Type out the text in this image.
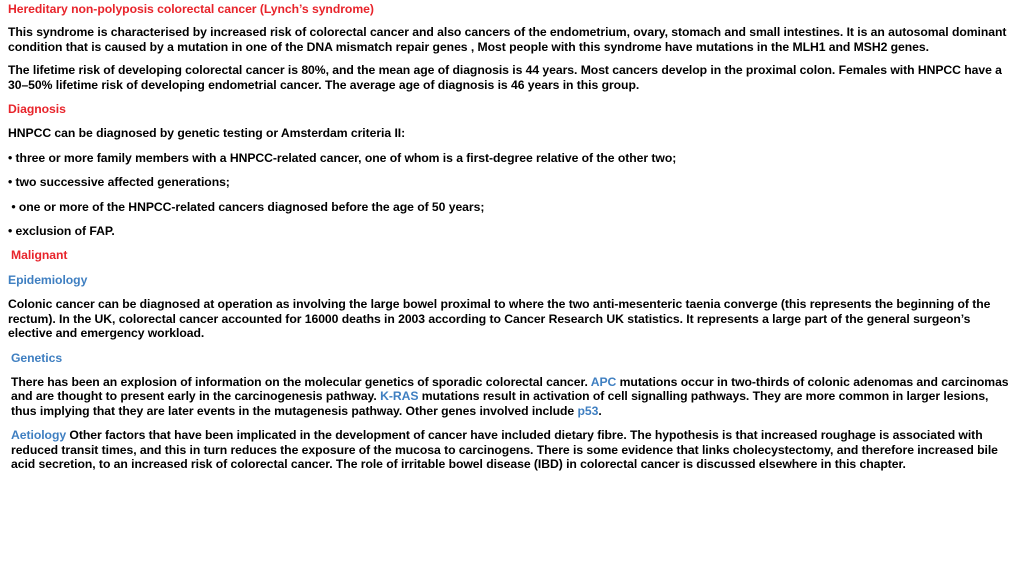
Hereditary non-polyposis colorectal cancer (Lynch’s syndrome)

This syndrome is characterised by increased risk of colorectal cancer and also cancers of the endometrium, ovary, stomach and small intestines. It is an autosomal dominant condition that is caused by a mutation in one of the DNA mismatch repair genes , Most people with this syndrome have mutations in the MLH1 and MSH2 genes.

The lifetime risk of developing colorectal cancer is 80%, and the mean age of diagnosis is 44 years. Most cancers develop in the proximal colon. Females with HNPCC have a 30–50% lifetime risk of developing endometrial cancer. The average age of diagnosis is 46 years in this group.

Diagnosis

HNPCC can be diagnosed by genetic testing or Amsterdam criteria II:

• three or more family members with a HNPCC-related cancer, one of whom is a first-degree relative of the other two;

• two successive affected generations;

• one or more of the HNPCC-related cancers diagnosed before the age of 50 years;

• exclusion of FAP.

Malignant

Epidemiology

Colonic cancer can be diagnosed at operation as involving the large bowel proximal to where the two anti-mesenteric taenia converge (this represents the beginning of the rectum). In the UK, colorectal cancer accounted for 16000 deaths in 2003 according to Cancer Research UK statistics. It represents a large part of the general surgeon’s elective and emergency workload.

Genetics

There has been an explosion of information on the molecular genetics of sporadic colorectal cancer. APC mutations occur in two-thirds of colonic adenomas and carcinomas and are thought to present early in the carcinogenesis pathway. K-RAS mutations result in activation of cell signalling pathways. They are more common in larger lesions, thus implying that they are later events in the mutagenesis pathway. Other genes involved include p53.

Aetiology Other factors that have been implicated in the development of cancer have included dietary fibre. The hypothesis is that increased roughage is associated with reduced transit times, and this in turn reduces the exposure of the mucosa to carcinogens. There is some evidence that links cholecystectomy, and therefore increased bile acid secretion, to an increased risk of colorectal cancer. The role of irritable bowel disease (IBD) in colorectal cancer is discussed elsewhere in this chapter.
